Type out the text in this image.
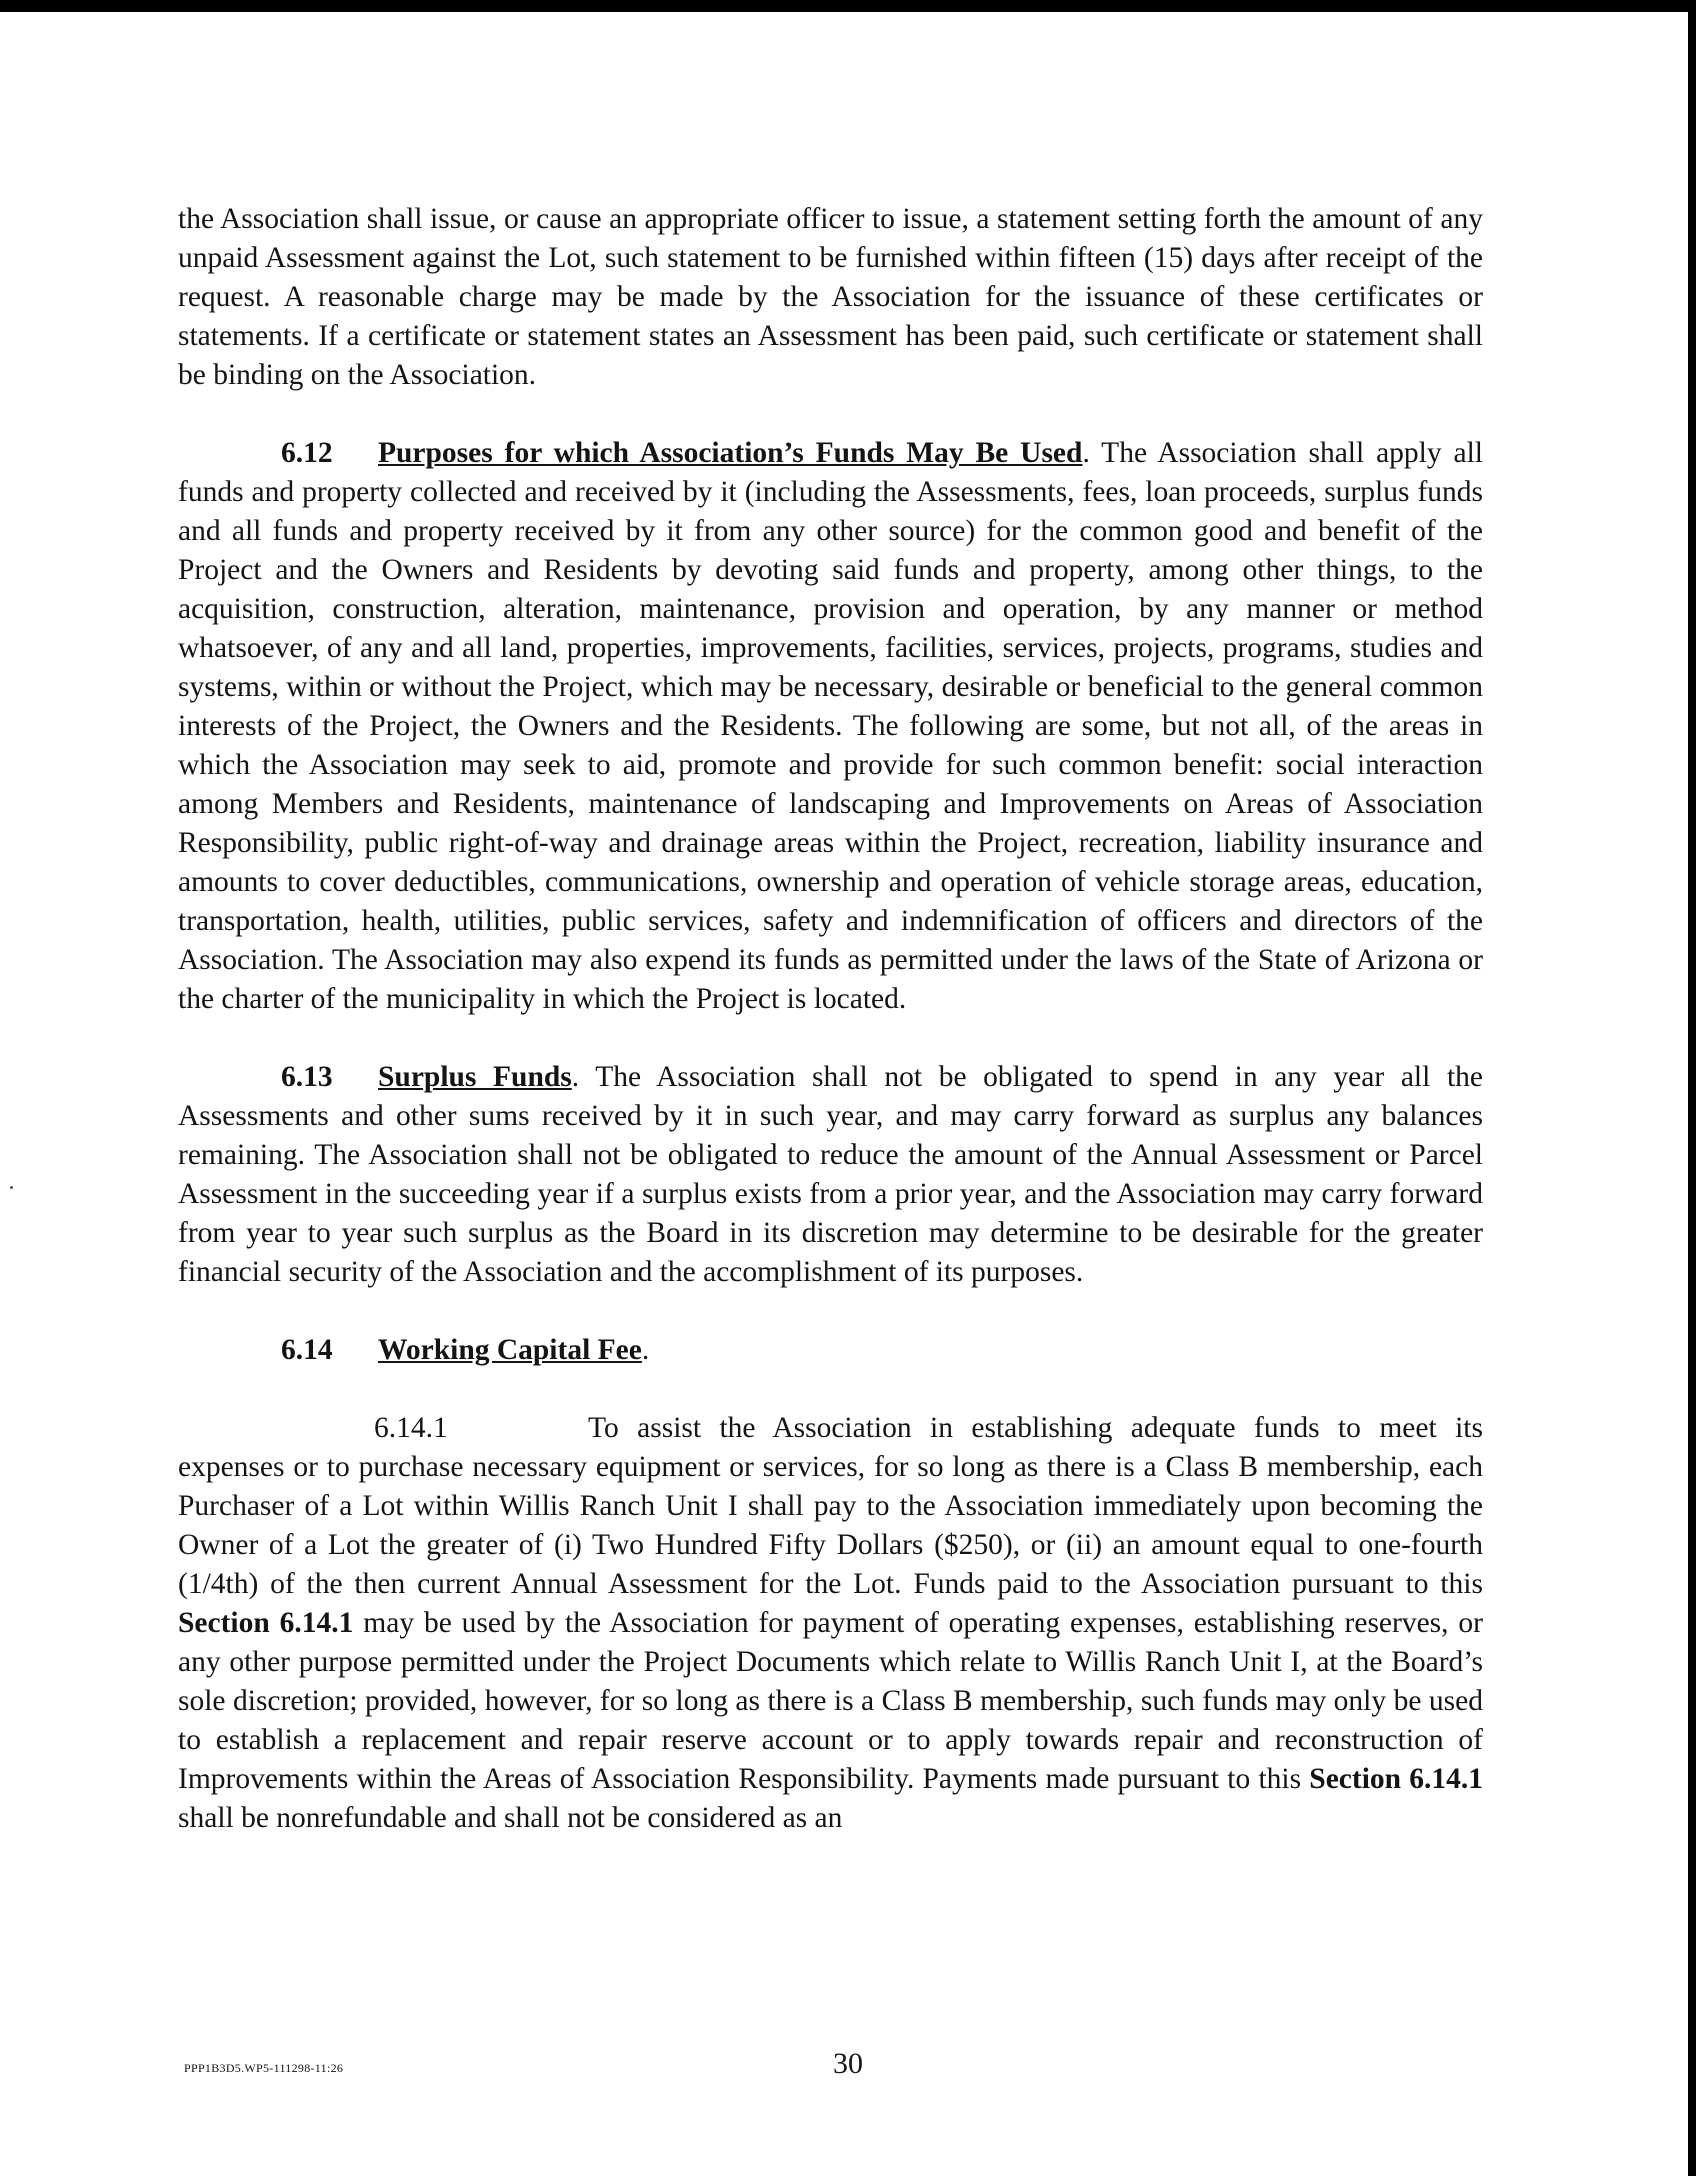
the Association shall issue, or cause an appropriate officer to issue, a statement setting forth the amount of any unpaid Assessment against the Lot, such statement to be furnished within fifteen (15) days after receipt of the request. A reasonable charge may be made by the Association for the issuance of these certificates or statements. If a certificate or statement states an Assessment has been paid, such certificate or statement shall be binding on the Association.

6.12 Purposes for which Association’s Funds May Be Used. The Association shall apply all funds and property collected and received by it (including the Assessments, fees, loan proceeds, surplus funds and all funds and property received by it from any other source) for the common good and benefit of the Project and the Owners and Residents by devoting said funds and property, among other things, to the acquisition, construction, alteration, maintenance, provision and operation, by any manner or method whatsoever, of any and all land, properties, improvements, facilities, services, projects, programs, studies and systems, within or without the Project, which may be necessary, desirable or beneficial to the general common interests of the Project, the Owners and the Residents. The following are some, but not all, of the areas in which the Association may seek to aid, promote and provide for such common benefit: social interaction among Members and Residents, maintenance of landscaping and Improvements on Areas of Association Responsibility, public right-of-way and drainage areas within the Project, recreation, liability insurance and amounts to cover deductibles, communications, ownership and operation of vehicle storage areas, education, transportation, health, utilities, public services, safety and indemnification of officers and directors of the Association. The Association may also expend its funds as permitted under the laws of the State of Arizona or the charter of the municipality in which the Project is located.

6.13 Surplus Funds. The Association shall not be obligated to spend in any year all the Assessments and other sums received by it in such year, and may carry forward as surplus any balances remaining. The Association shall not be obligated to reduce the amount of the Annual Assessment or Parcel Assessment in the succeeding year if a surplus exists from a prior year, and the Association may carry forward from year to year such surplus as the Board in its discretion may determine to be desirable for the greater financial security of the Association and the accomplishment of its purposes.

6.14 Working Capital Fee.

6.14.1	To assist the Association in establishing adequate funds to meet its expenses or to purchase necessary equipment or services, for so long as there is a Class B membership, each Purchaser of a Lot within Willis Ranch Unit I shall pay to the Association immediately upon becoming the Owner of a Lot the greater of (i) Two Hundred Fifty Dollars ($250), or (ii) an amount equal to one-fourth (1/4th) of the then current Annual Assessment for the Lot. Funds paid to the Association pursuant to this Section 6.14.1 may be used by the Association for payment of operating expenses, establishing reserves, or any other purpose permitted under the Project Documents which relate to Willis Ranch Unit I, at the Board’s sole discretion; provided, however, for so long as there is a Class B membership, such funds may only be used to establish a replacement and repair reserve account or to apply towards repair and reconstruction of Improvements within the Areas of Association Responsibility. Payments made pursuant to this Section 6.14.1 shall be nonrefundable and shall not be considered as an

PPP1B3D5.WP5-111298-11:26	30
